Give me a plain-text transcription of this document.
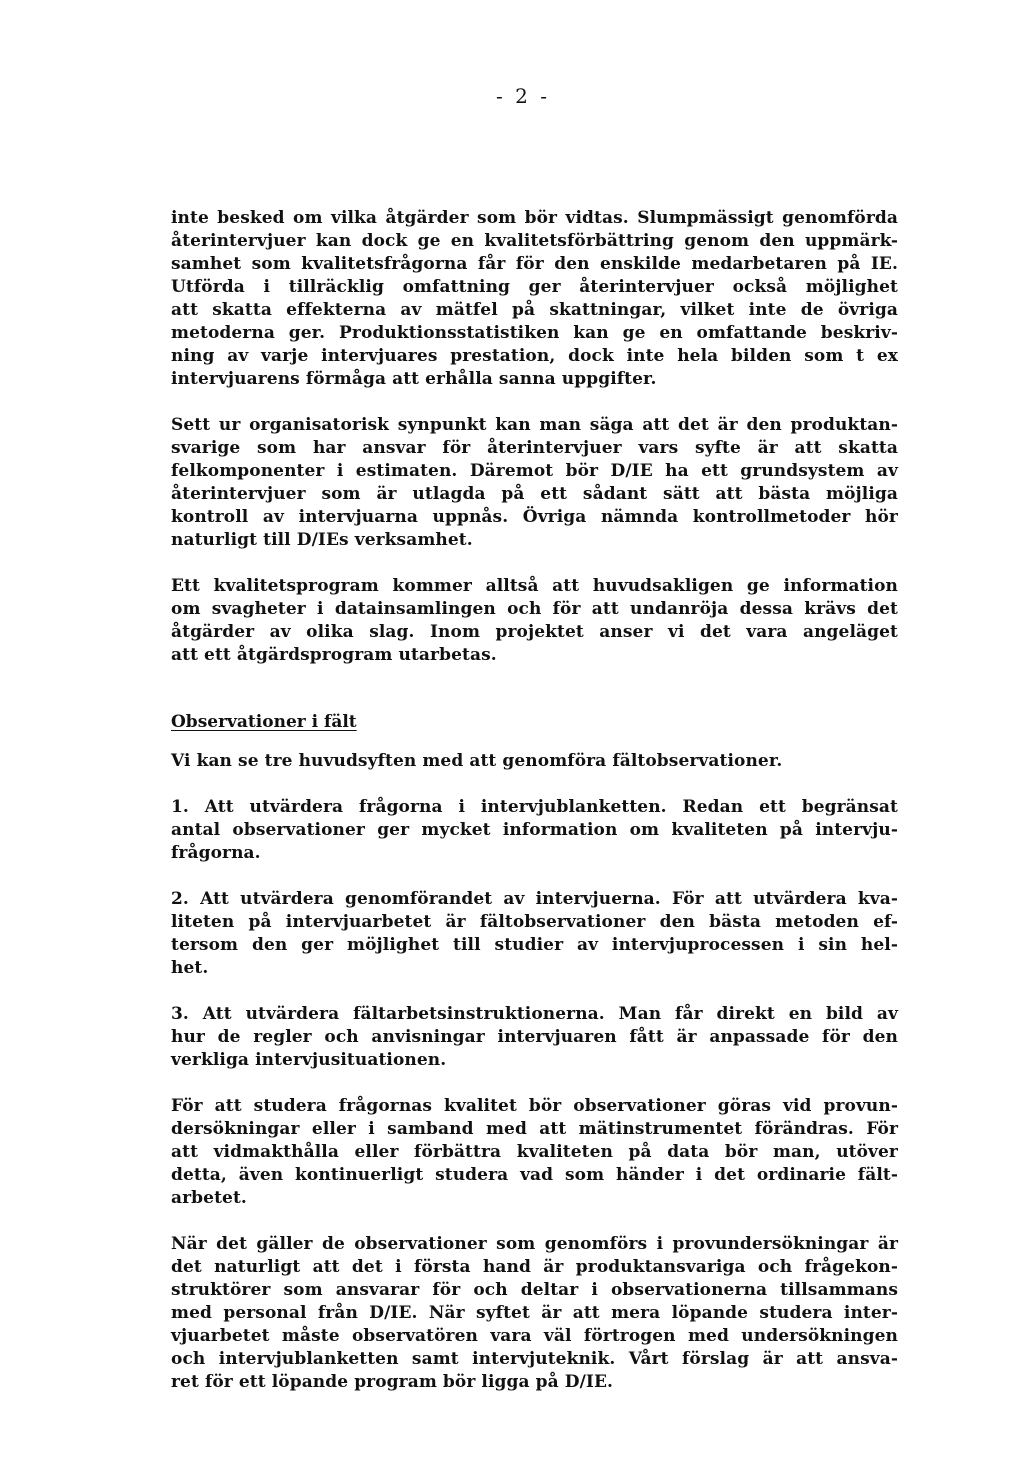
- 2 -

inte besked om vilka åtgärder som bör vidtas. Slumpmässigt genomförda
återintervjuer kan dock ge en kvalitetsförbättring genom den uppmärk-
samhet som kvalitetsfrågorna får för den enskilde medarbetaren på IE.
Utförda i tillräcklig omfattning ger återintervjuer också möjlighet
att skatta effekterna av mätfel på skattningar, vilket inte de övriga
metoderna ger. Produktionsstatistiken kan ge en omfattande beskriv-
ning av varje intervjuares prestation, dock inte hela bilden som t ex
intervjuarens förmåga att erhålla sanna uppgifter.

Sett ur organisatorisk synpunkt kan man säga att det är den produktan-
svarige som har ansvar för återintervjuer vars syfte är att skatta
felkomponenter i estimaten. Däremot bör D/IE ha ett grundsystem av
återintervjuer som är utlagda på ett sådant sätt att bästa möjliga
kontroll av intervjuarna uppnås. Övriga nämnda kontrollmetoder hör
naturligt till D/IEs verksamhet.

Ett kvalitetsprogram kommer alltså att huvudsakligen ge information
om svagheter i datainsamlingen och för att undanröja dessa krävs det
åtgärder av olika slag. Inom projektet anser vi det vara angeläget
att ett åtgärdsprogram utarbetas.

Observationer i fält

Vi kan se tre huvudsyften med att genomföra fältobservationer.

1. Att utvärdera frågorna i intervjublanketten. Redan ett begränsat
antal observationer ger mycket information om kvaliteten på intervju-
frågorna.

2. Att utvärdera genomförandet av intervjuerna. För att utvärdera kva-
liteten på intervjuarbetet är fältobservationer den bästa metoden ef-
tersom den ger möjlighet till studier av intervjuprocessen i sin hel-
het.

3. Att utvärdera fältarbetsinstruktionerna. Man får direkt en bild av
hur de regler och anvisningar intervjuaren fått är anpassade för den
verkliga intervjusituationen.

För att studera frågornas kvalitet bör observationer göras vid provun-
dersökningar eller i samband med att mätinstrumentet förändras. För
att vidmakthålla eller förbättra kvaliteten på data bör man, utöver
detta, även kontinuerligt studera vad som händer i det ordinarie fält-
arbetet.

När det gäller de observationer som genomförs i provundersökningar är
det naturligt att det i första hand är produktansvariga och frågekon-
struktörer som ansvarar för och deltar i observationerna tillsammans
med personal från D/IE. När syftet är att mera löpande studera inter-
vjuarbetet måste observatören vara väl förtrogen med undersökningen
och intervjublanketten samt intervjuteknik. Vårt förslag är att ansva-
ret för ett löpande program bör ligga på D/IE.
